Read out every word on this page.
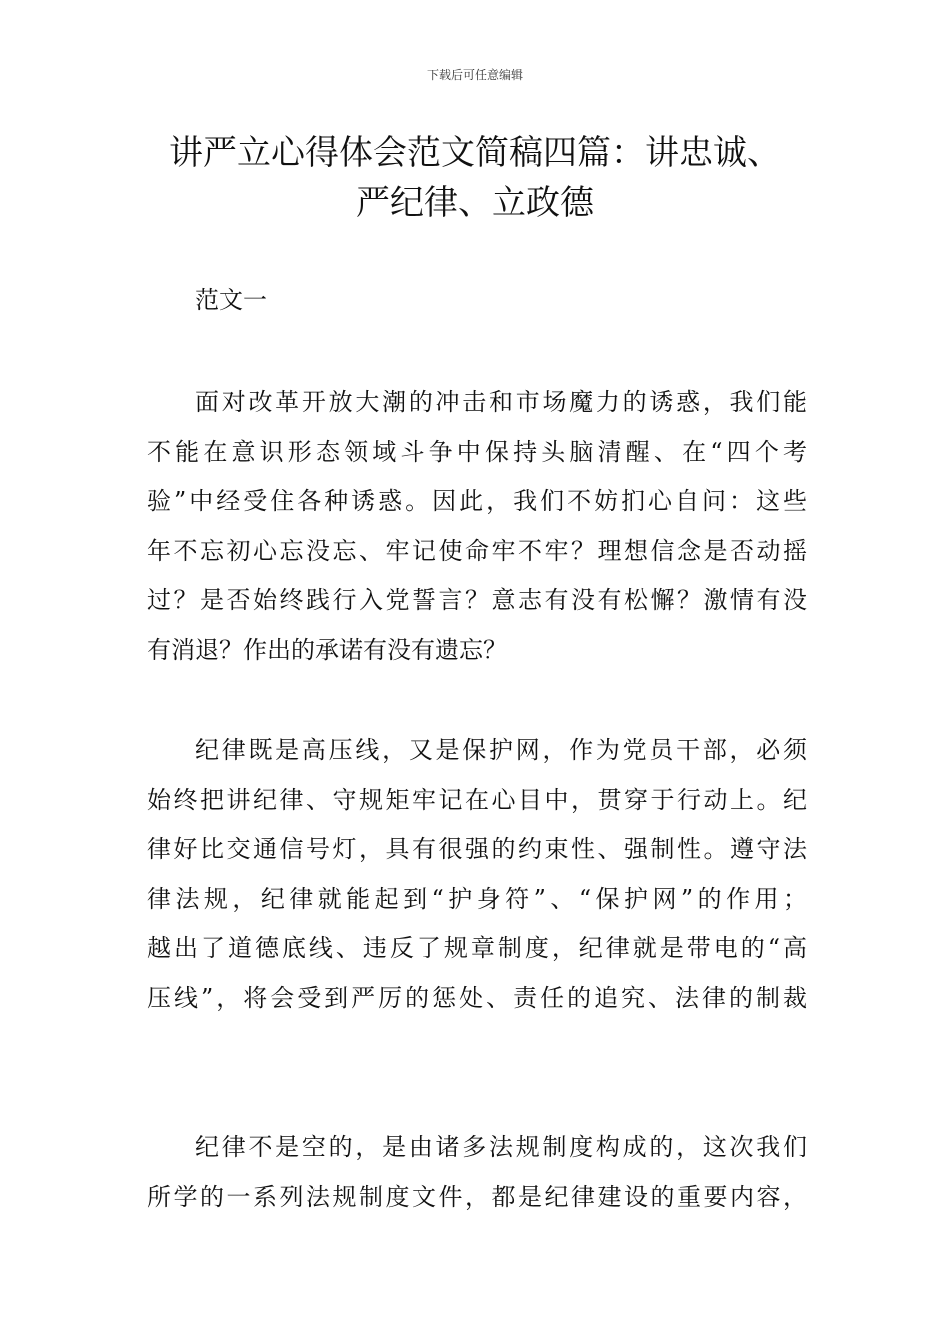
下载后可任意编辑
讲严立心得体会范文简稿四篇：讲忠诚、
严纪律、立政德
范文一
面对改革开放大潮的冲击和市场魔力的诱惑，我们能
不能在意识形态领域斗争中保持头脑清醒、在“四个考
验”中经受住各种诱惑。因此，我们不妨扪心自问：这些
年不忘初心忘没忘、牢记使命牢不牢？理想信念是否动摇
过？是否始终践行入党誓言？意志有没有松懈？激情有没
有消退？作出的承诺有没有遗忘？
纪律既是高压线，又是保护网，作为党员干部，必须
始终把讲纪律、守规矩牢记在心目中，贯穿于行动上。纪
律好比交通信号灯，具有很强的约束性、强制性。遵守法
律法规，纪律就能起到“护身符”、“保护网”的作用；
越出了道德底线、违反了规章制度，纪律就是带电的“高
压线”，将会受到严厉的惩处、责任的追究、法律的制裁
纪律不是空的，是由诸多法规制度构成的，这次我们
所学的一系列法规制度文件，都是纪律建设的重要内容，
